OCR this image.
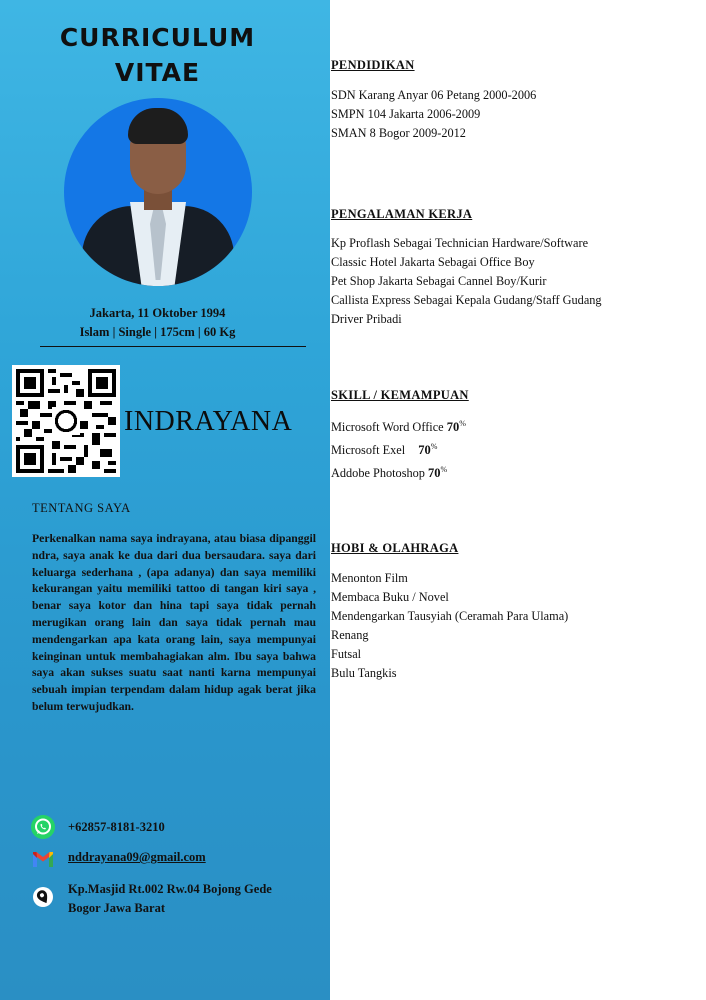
CURRICULUM
VITAE
Jakarta, 11 Oktober 1994
Islam | Single | 175cm | 60 Kg
INDRAYANA
TENTANG SAYA
Perkenalkan nama saya indrayana, atau biasa dipanggil ndra, saya anak ke dua dari dua bersaudara. saya dari keluarga sederhana , (apa adanya) dan saya memiliki kekurangan yaitu memiliki tattoo di tangan kiri saya , benar saya kotor dan hina tapi saya tidak pernah merugikan orang lain dan saya tidak pernah mau mendengarkan apa kata orang lain, saya mempunyai keinginan untuk membahagiakan alm. Ibu saya bahwa saya akan sukses suatu saat nanti karna mempunyai sebuah impian terpendam dalam hidup agak berat jika belum terwujudkan.
+62857-8181-3210
nddrayana09@gmail.com
Kp.Masjid Rt.002 Rw.04 Bojong Gede
Bogor Jawa Barat
PENDIDIKAN
SDN Karang Anyar 06 Petang 2000-2006
SMPN 104 Jakarta 2006-2009
SMAN 8 Bogor 2009-2012
PENGALAMAN KERJA
Kp Proflash Sebagai Technician Hardware/Software
Classic Hotel Jakarta Sebagai Office Boy
Pet Shop Jakarta Sebagai Cannel Boy/Kurir
Callista Express Sebagai Kepala Gudang/Staff Gudang
Driver Pribadi
SKILL / KEMAMPUAN
Microsoft Word Office 70%
Microsoft Exel 70%
Addobe Photoshop 70%
HOBI & OLAHRAGA
Menonton Film
Membaca Buku / Novel
Mendengarkan Tausyiah (Ceramah Para Ulama)
Renang
Futsal
Bulu Tangkis
